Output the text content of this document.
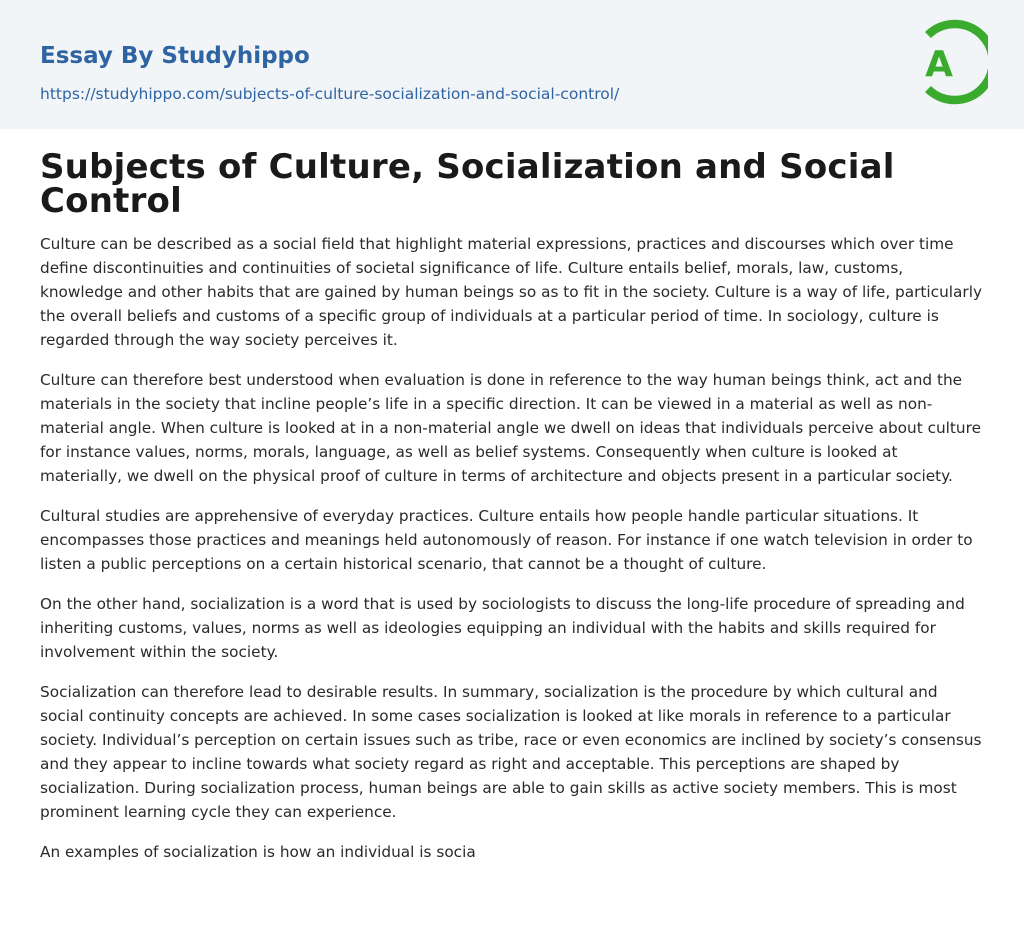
Essay By Studyhippo
https://studyhippo.com/subjects-of-culture-socialization-and-social-control/
A
Subjects of Culture, Socialization and Social Control

Culture can be described as a social field that highlight material expressions, practices and discourses which over time define discontinuities and continuities of societal significance of life. Culture entails belief, morals, law, customs, knowledge and other habits that are gained by human beings so as to fit in the society. Culture is a way of life, particularly the overall beliefs and customs of a specific group of individuals at a particular period of time. In sociology, culture is regarded through the way society perceives it.

Culture can therefore best understood when evaluation is done in reference to the way human beings think, act and the materials in the society that incline people’s life in a specific direction. It can be viewed in a material as well as non-material angle. When culture is looked at in a non-material angle we dwell on ideas that individuals perceive about culture for instance values, norms, morals, language, as well as belief systems. Consequently when culture is looked at materially, we dwell on the physical proof of culture in terms of architecture and objects present in a particular society.

Cultural studies are apprehensive of everyday practices. Culture entails how people handle particular situations. It encompasses those practices and meanings held autonomously of reason. For instance if one watch television in order to listen a public perceptions on a certain historical scenario, that cannot be a thought of culture.

On the other hand, socialization is a word that is used by sociologists to discuss the long-life procedure of spreading and inheriting customs, values, norms as well as ideologies equipping an individual with the habits and skills required for involvement within the society.

Socialization can therefore lead to desirable results. In summary, socialization is the procedure by which cultural and social continuity concepts are achieved. In some cases socialization is looked at like morals in reference to a particular society. Individual’s perception on certain issues such as tribe, race or even economics are inclined by society’s consensus and they appear to incline towards what society regard as right and acceptable. This perceptions are shaped by socialization. During socialization process, human beings are able to gain skills as active society members. This is most prominent learning cycle they can experience.

An examples of socialization is how an individual is socia
